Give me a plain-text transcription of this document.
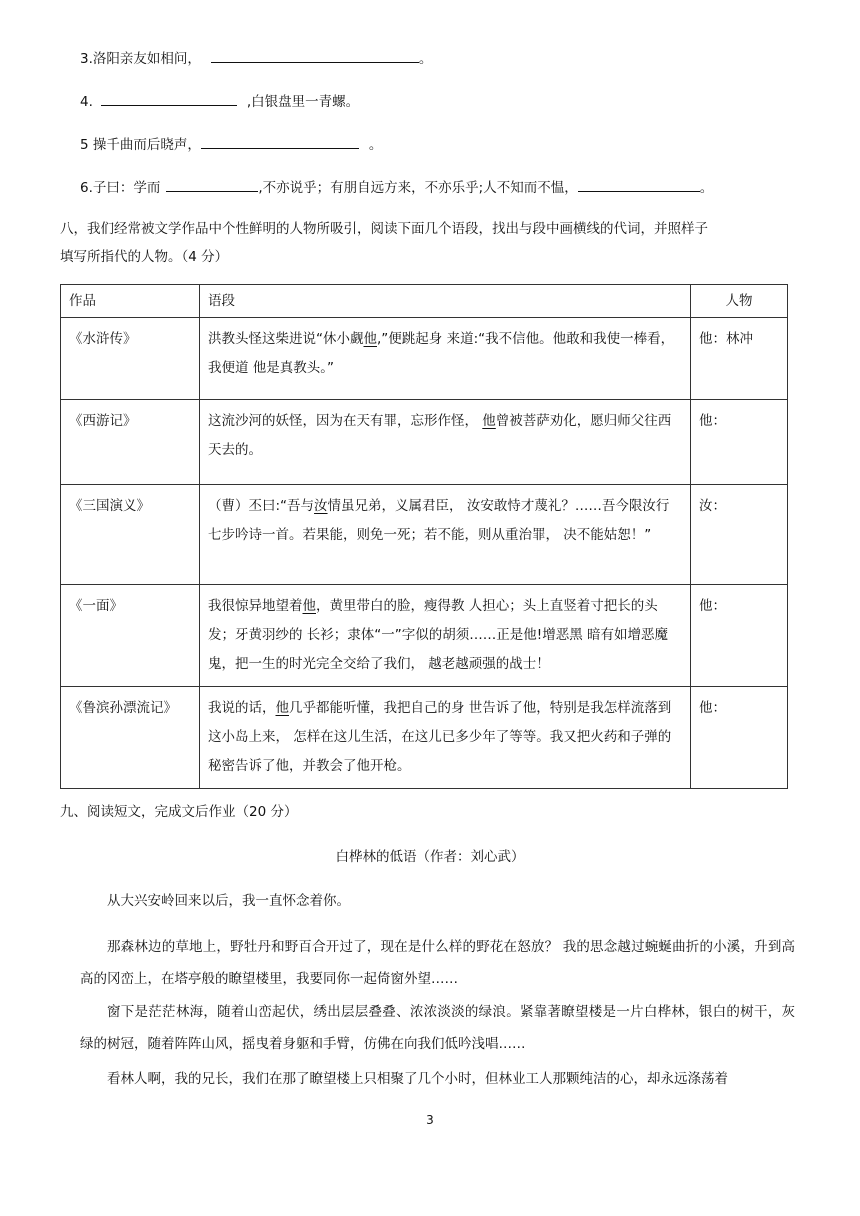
3.洛阳亲友如相问，	。
4.	,白银盘里一青螺。
5 操千曲而后晓声，	。
6.子曰：学而	,不亦说乎；有朋自远方来，不亦乐乎;人不知而不愠，	。
八，我们经常被文学作品中个性鲜明的人物所吸引，阅读下面几个语段，找出与段中画横线的代词，并照样子
填写所指代的人物。（4 分）
作品	语段	人物
《水浒传》	洪教头怪这柴进说“休小觑他,”便跳起身 来道:“我不信他。他敢和我使一棒看，我便道 他是真教头。”	他：林冲
《西游记》	这流沙河的妖怪，因为在天有罪，忘形作怪， 他曾被菩萨劝化，愿归师父往西天去的。	他：
《三国演义》	（曹）丕曰:“吾与汝情虽兄弟，义属君臣， 汝安敢恃才蔑礼？……吾今限汝行七步吟诗一首。若果能，则免一死；若不能，则从重治罪， 决不能姑恕！”	汝：
《一面》	我很惊异地望着他，黄里带白的脸，瘦得教 人担心；头上直竖着寸把长的头发；牙黄羽纱的 长衫；隶体“一”字似的胡须……正是他!增恶黑 暗有如增恶魔鬼，把一生的时光完全交给了我们， 越老越顽强的战士！	他：
《鲁滨孙漂流记》	我说的话，他几乎都能听懂，我把自己的身 世告诉了他，特别是我怎样流落到这小岛上来， 怎样在这儿生活，在这儿已多少年了等等。我又把火药和子弹的秘密告诉了他，并教会了他开枪。	他：
九、阅读短文，完成文后作业（20 分）
白桦林的低语（作者：刘心武）
从大兴安岭回来以后，我一直怀念着你。
那森林边的草地上，野牡丹和野百合开过了，现在是什么样的野花在怒放？ 我的思念越过蜿蜒曲折的小溪，升到高高的冈峦上，在塔亭般的瞭望楼里，我要同你一起倚窗外望……
窗下是茫茫林海，随着山峦起伏，绣出层层叠叠、浓浓淡淡的绿浪。紧靠著瞭望楼是一片白桦林，银白的树干，灰绿的树冠，随着阵阵山风，摇曳着身躯和手臂，仿佛在向我们低吟浅唱……
看林人啊，我的兄长，我们在那了瞭望楼上只相聚了几个小时，但林业工人那颗纯洁的心，却永远涤荡着
3
